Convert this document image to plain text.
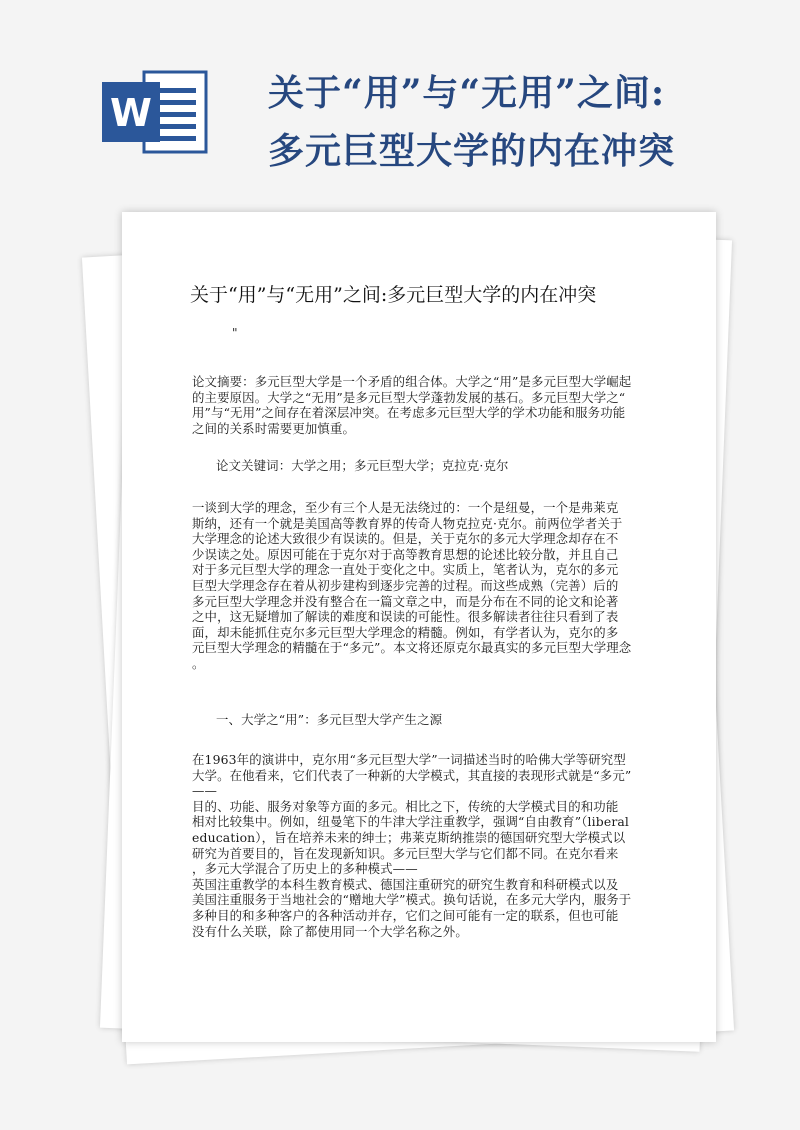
W	关于“用”与“无用”之间:
多元巨型大学的内在冲突
关于“用”与“无用”之间:多元巨型大学的内在冲突
"
论文摘要：多元巨型大学是一个矛盾的组合体。大学之“用”是多元巨型大学崛起
的主要原因。大学之“无用”是多元巨型大学蓬勃发展的基石。多元巨型大学之“
用”与“无用”之间存在着深层冲突。在考虑多元巨型大学的学术功能和服务功能
之间的关系时需要更加慎重。
论文关键词：大学之用；多元巨型大学；克拉克·克尔
一谈到大学的理念，至少有三个人是无法绕过的：一个是纽曼，一个是弗莱克
斯纳，还有一个就是美国高等教育界的传奇人物克拉克·克尔。前两位学者关于
大学理念的论述大致很少有误读的。但是，关于克尔的多元大学理念却存在不
少误读之处。原因可能在于克尔对于高等教育思想的论述比较分散，并且自己
对于多元巨型大学的理念一直处于变化之中。实质上，笔者认为，克尔的多元
巨型大学理念存在着从初步建构到逐步完善的过程。而这些成熟（完善）后的
多元巨型大学理念并没有整合在一篇文章之中，而是分布在不同的论文和论著
之中，这无疑增加了解读的难度和误读的可能性。很多解读者往往只看到了表
面，却未能抓住克尔多元巨型大学理念的精髓。例如，有学者认为，克尔的多
元巨型大学理念的精髓在于“多元”。本文将还原克尔最真实的多元巨型大学理念
。
一、大学之“用”：多元巨型大学产生之源
在1963年的演讲中，克尔用“多元巨型大学”一词描述当时的哈佛大学等研究型
大学。在他看来，它们代表了一种新的大学模式，其直接的表现形式就是“多元”
——
目的、功能、服务对象等方面的多元。相比之下，传统的大学模式目的和功能
相对比较集中。例如，纽曼笔下的牛津大学注重教学，强调“自由教育”（liberal
education），旨在培养未来的绅士；弗莱克斯纳推崇的德国研究型大学模式以
研究为首要目的，旨在发现新知识。多元巨型大学与它们都不同。在克尔看来
，多元大学混合了历史上的多种模式——
英国注重教学的本科生教育模式、德国注重研究的研究生教育和科研模式以及
美国注重服务于当地社会的“赠地大学”模式。换句话说，在多元大学内，服务于
多种目的和多种客户的各种活动并存，它们之间可能有一定的联系，但也可能
没有什么关联，除了都使用同一个大学名称之外。
